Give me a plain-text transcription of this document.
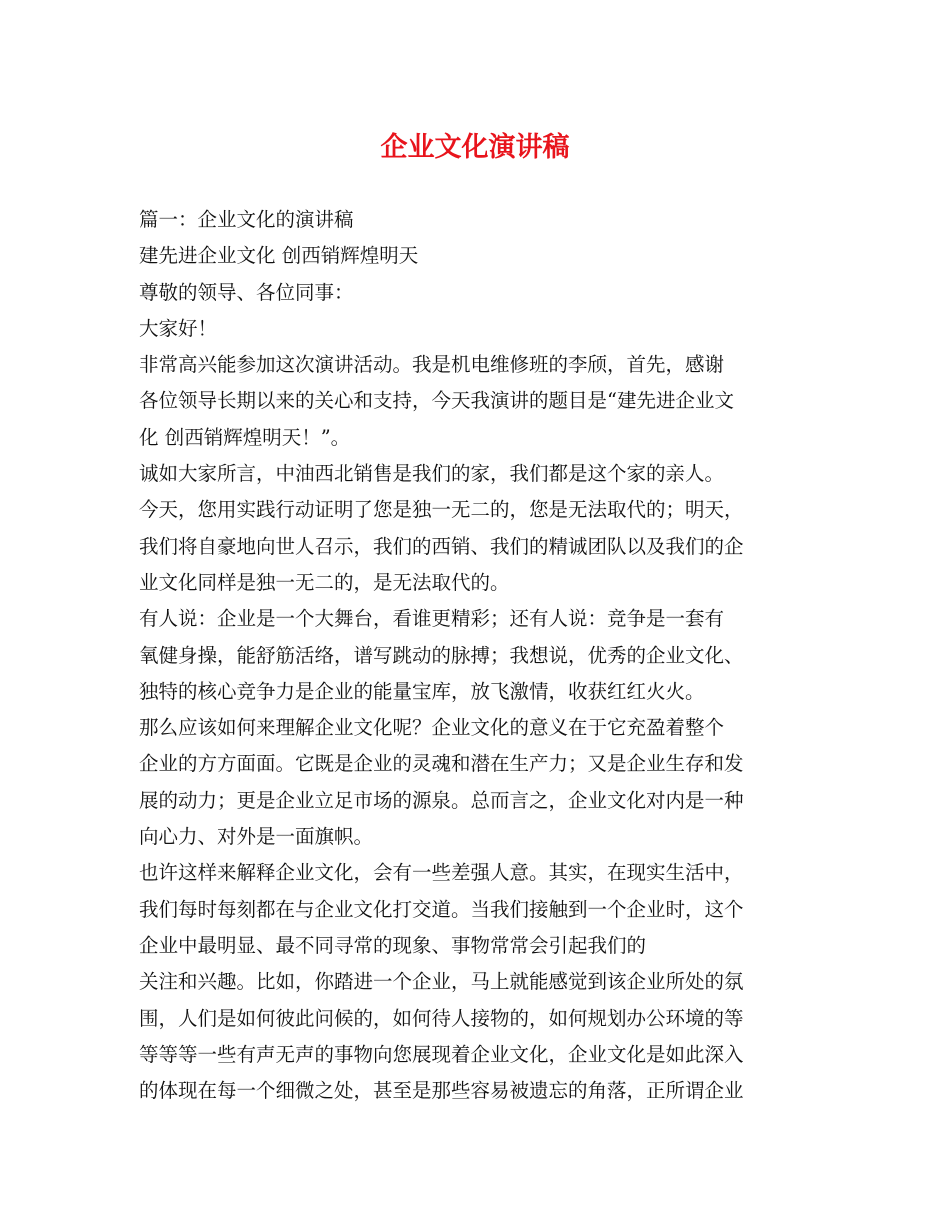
企业文化演讲稿
篇一：企业文化的演讲稿
建先进企业文化 创西销辉煌明天
尊敬的领导、各位同事：
大家好！
非常高兴能参加这次演讲活动。我是机电维修班的李颀，首先，感谢
各位领导长期以来的关心和支持，今天我演讲的题目是“建先进企业文
化 创西销辉煌明天！”。
诚如大家所言，中油西北销售是我们的家，我们都是这个家的亲人。
今天，您用实践行动证明了您是独一无二的，您是无法取代的；明天，
我们将自豪地向世人召示，我们的西销、我们的精诚团队以及我们的企
业文化同样是独一无二的，是无法取代的。
有人说：企业是一个大舞台，看谁更精彩；还有人说：竞争是一套有
氧健身操，能舒筋活络，谱写跳动的脉搏；我想说，优秀的企业文化、
独特的核心竞争力是企业的能量宝库，放飞激情，收获红红火火。
那么应该如何来理解企业文化呢？企业文化的意义在于它充盈着整个
企业的方方面面。它既是企业的灵魂和潜在生产力；又是企业生存和发
展的动力；更是企业立足市场的源泉。总而言之，企业文化对内是一种
向心力、对外是一面旗帜。
也许这样来解释企业文化，会有一些差强人意。其实，在现实生活中，
我们每时每刻都在与企业文化打交道。当我们接触到一个企业时，这个
企业中最明显、最不同寻常的现象、事物常常会引起我们的
关注和兴趣。比如，你踏进一个企业，马上就能感觉到该企业所处的氛
围，人们是如何彼此问候的，如何待人接物的，如何规划办公环境的等
等等等一些有声无声的事物向您展现着企业文化，企业文化是如此深入
的体现在每一个细微之处，甚至是那些容易被遗忘的角落，正所谓企业
